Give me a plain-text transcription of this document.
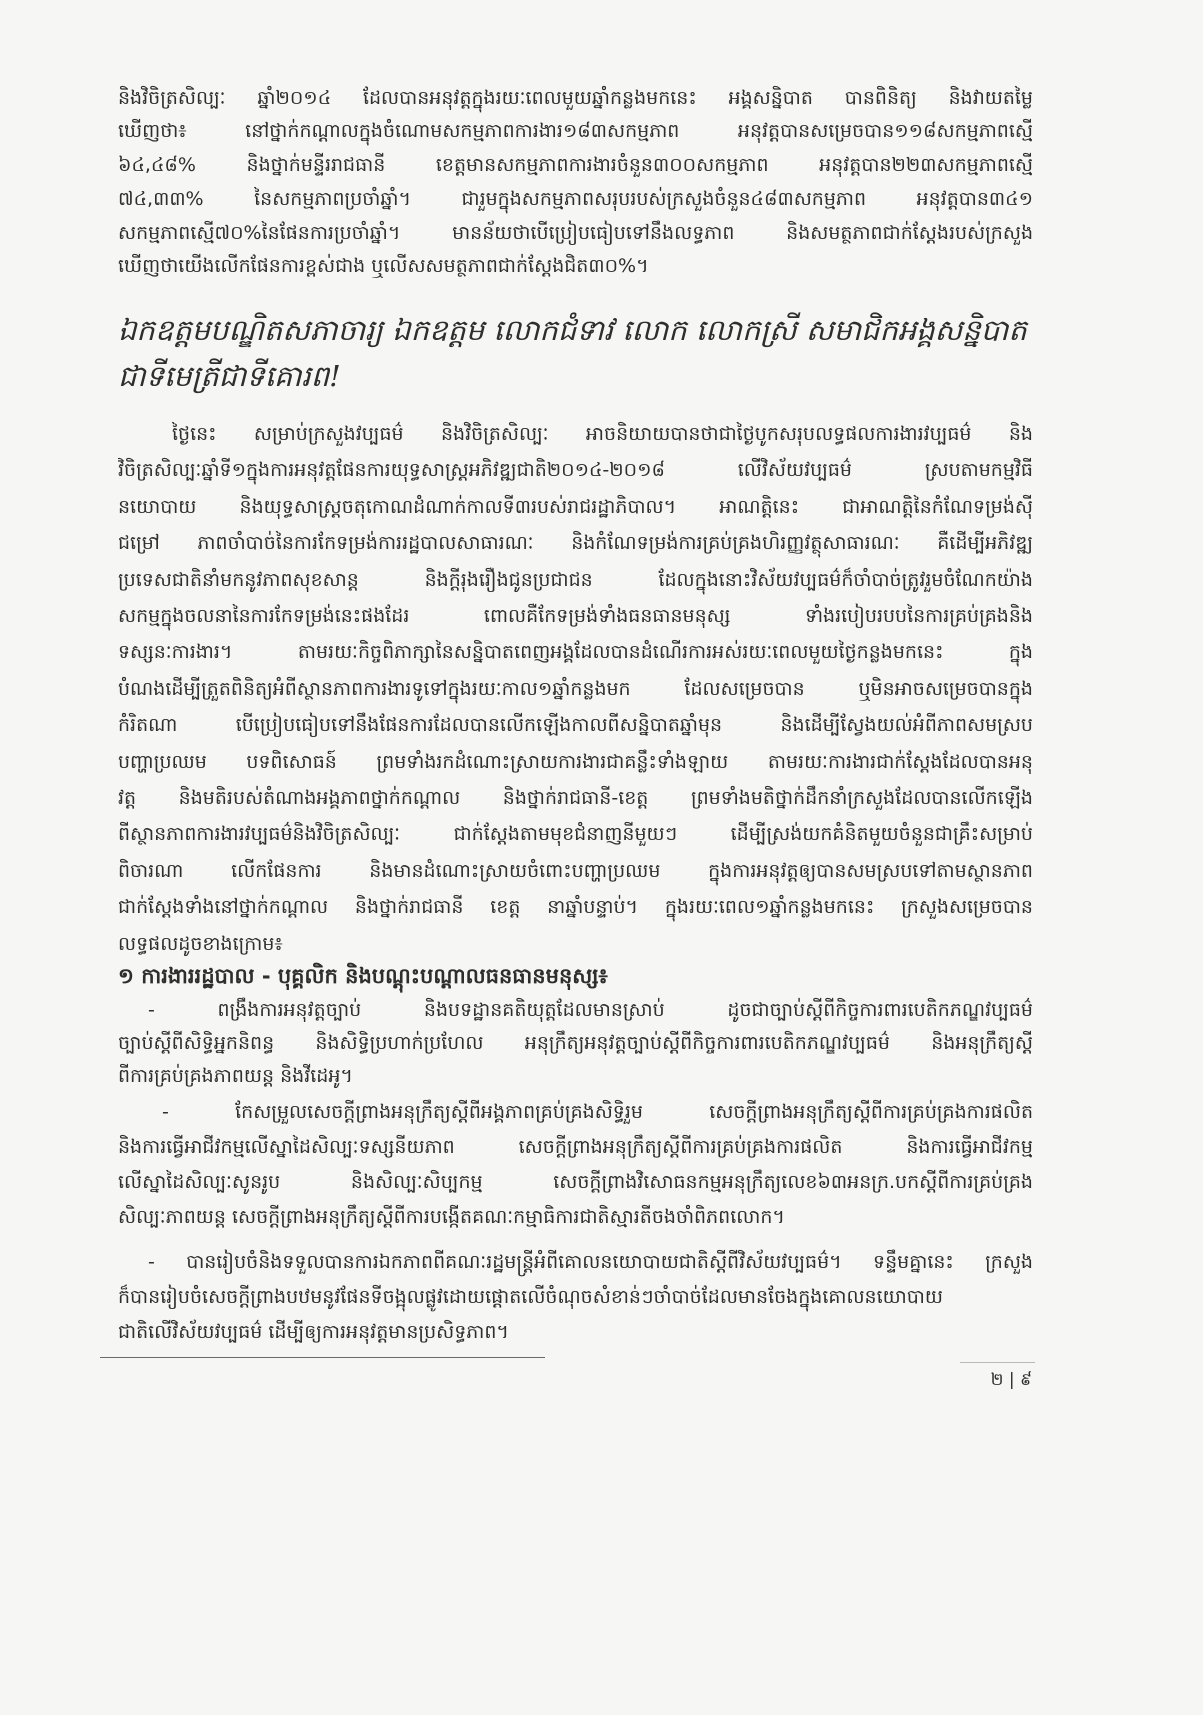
និងវិចិត្រសិល្បៈ ឆ្នាំ២០១៤ ដែលបានអនុវត្តក្នុងរយៈពេលមួយឆ្នាំកន្លងមកនេះ អង្គសន្និបាត បានពិនិត្យ និងវាយតម្លៃ
ឃើញថា៖ នៅថ្នាក់កណ្តាលក្នុងចំណោមសកម្មភាពការងារ១៨៣សកម្មភាព អនុវត្តបានសម្រេចបាន១១៨សកម្មភាពស្មើ
៦៤,៤៨% និងថ្នាក់មន្ទីររាជធានី ខេត្តមានសកម្មភាពការងារចំនួន៣០០សកម្មភាព អនុវត្តបាន២២៣សកម្មភាពស្មើ
៧៤,៣៣% នៃសកម្មភាពប្រចាំឆ្នាំ។ ជារួមក្នុងសកម្មភាពសរុបរបស់ក្រសួងចំនួន៤៨៣សកម្មភាព អនុវត្តបាន៣៤១
សកម្មភាពស្មើ៧០%នៃផែនការប្រចាំឆ្នាំ។ មានន័យថាបើប្រៀបធៀបទៅនឹងលទ្ធភាព និងសមត្ថភាពជាក់ស្តែងរបស់ក្រសួង
ឃើញថាយើងលើកផែនការខ្ពស់ជាង ឬលើសសមត្ថភាពជាក់ស្តែងជិត៣០%។
ឯកឧត្តមបណ្ឌិតសភាចារ្យ ឯកឧត្តម លោកជំទាវ លោក លោកស្រី សមាជិកអង្គសន្និបាត
ជាទីមេត្រីជាទីគោរព!
ថ្ងៃនេះ សម្រាប់ក្រសួងវប្បធម៌ និងវិចិត្រសិល្បៈ អាចនិយាយបានថាជាថ្ងៃបូកសរុបលទ្ធផលការងារវប្បធម៌ និង
វិចិត្រសិល្បៈឆ្នាំទី១ក្នុងការអនុវត្តផែនការយុទ្ធសាស្ត្រអភិវឌ្ឍជាតិ២០១៤-២០១៨ លើវិស័យវប្បធម៌ ស្របតាមកម្មវិធី
នយោបាយ និងយុទ្ធសាស្ត្រចតុកោណដំណាក់កាលទី៣របស់រាជរដ្ឋាភិបាល។ អាណត្តិនេះ ជាអាណត្តិនៃកំណែទម្រង់ស៊ី
ជម្រៅ ភាពចាំបាច់នៃការកែទម្រង់ការរដ្ឋបាលសាធារណៈ និងកំណែទម្រង់ការគ្រប់គ្រងហិរញ្ញវត្ថុសាធារណៈ គឺដើម្បីអភិវឌ្ឍ
ប្រទេសជាតិនាំមកនូវភាពសុខសាន្ត និងក្តីរុងរឿងជូនប្រជាជន ដែលក្នុងនោះវិស័យវប្បធម៌ក៏ចាំបាច់ត្រូវរួមចំណែកយ៉ាង
សកម្មក្នុងចលនានៃការកែទម្រង់នេះផងដែរ ពោលគឺកែទម្រង់ទាំងធនធានមនុស្ស ទាំងរបៀបរបបនៃការគ្រប់គ្រងនិង
ទស្សនៈការងារ។ តាមរយៈកិច្ចពិភាក្សានៃសន្និបាតពេញអង្គដែលបានដំណើរការអស់រយៈពេលមួយថ្ងៃកន្លងមកនេះ ក្នុង
បំណងដើម្បីត្រួតពិនិត្យអំពីស្ថានភាពការងារទូទៅក្នុងរយៈកាល១ឆ្នាំកន្លងមក ដែលសម្រេចបាន ឬមិនអាចសម្រេចបានក្នុង
កំរិតណា បើប្រៀបធៀបទៅនឹងផែនការដែលបានលើកឡើងកាលពីសន្និបាតឆ្នាំមុន និងដើម្បីស្វែងយល់អំពីភាពសមស្រប
បញ្ហាប្រឈម បទពិសោធន៍ ព្រមទាំងរកដំណោះស្រាយការងារជាគន្លឹះទាំងឡាយ តាមរយៈការងារជាក់ស្តែងដែលបានអនុ
វត្ត និងមតិរបស់តំណាងអង្គភាពថ្នាក់កណ្តាល និងថ្នាក់រាជធានី-ខេត្ត ព្រមទាំងមតិថ្នាក់ដឹកនាំក្រសួងដែលបានលើកឡើង
ពីស្ថានភាពការងារវប្បធម៌និងវិចិត្រសិល្បៈ ជាក់ស្តែងតាមមុខជំនាញនីមួយៗ ដើម្បីស្រង់យកគំនិតមួយចំនួនជាគ្រឹះសម្រាប់
ពិចារណា លើកផែនការ និងមានដំណោះស្រាយចំពោះបញ្ហាប្រឈម ក្នុងការអនុវត្តឲ្យបានសមស្របទៅតាមស្ថានភាព
ជាក់ស្តែងទាំងនៅថ្នាក់កណ្តាល និងថ្នាក់រាជធានី ខេត្ត នាឆ្នាំបន្ទាប់។ ក្នុងរយៈពេល១ឆ្នាំកន្លងមកនេះ ក្រសួងសម្រេចបាន
លទ្ធផលដូចខាងក្រោម៖
១ ការងាររដ្ឋបាល - បុគ្គលិក និងបណ្តុះបណ្តាលធនធានមនុស្ស៖
- ពង្រឹងការអនុវត្តច្បាប់ និងបទដ្ឋានគតិយុត្តដែលមានស្រាប់ ដូចជាច្បាប់ស្តីពីកិច្ចការពារបេតិកភណ្ឌវប្បធម៌
ច្បាប់ស្តីពីសិទ្ធិអ្នកនិពន្ធ និងសិទ្ធិប្រហាក់ប្រហែល អនុក្រឹត្យអនុវត្តច្បាប់ស្តីពីកិច្ចការពារបេតិកភណ្ឌវប្បធម៌ និងអនុក្រឹត្យស្តី
ពីការគ្រប់គ្រងភាពយន្ត និងវីដេអូ។
- កែសម្រួលសេចក្តីព្រាងអនុក្រឹត្យស្តីពីអង្គភាពគ្រប់គ្រងសិទ្ធិរួម សេចក្តីព្រាងអនុក្រឹត្យស្តីពីការគ្រប់គ្រងការផលិត
និងការធ្វើអាជីវកម្មលើស្នាដៃសិល្បៈទស្សនីយភាព សេចក្តីព្រាងអនុក្រឹត្យស្តីពីការគ្រប់គ្រងការផលិត និងការធ្វើអាជីវកម្ម
លើស្នាដៃសិល្បៈសូនរូប និងសិល្បៈសិប្បកម្ម សេចក្តីព្រាងវិសោធនកម្មអនុក្រឹត្យលេខ៦៣អនក្រ.បកស្តីពីការគ្រប់គ្រង
សិល្បៈភាពយន្ត សេចក្តីព្រាងអនុក្រឹត្យស្តីពីការបង្កើតគណៈកម្មាធិការជាតិស្មារតីចងចាំពិភពលោក។
- បានរៀបចំនិងទទួលបានការឯកភាពពីគណៈរដ្ឋមន្ត្រីអំពីគោលនយោបាយជាតិស្តីពីវិស័យវប្បធម៌។ ទន្ទឹមគ្នានេះ ក្រសួង
ក៏បានរៀបចំសេចក្តីព្រាងបឋមនូវផែនទីចង្អុលផ្លូវដោយផ្តោតលើចំណុចសំខាន់ៗចាំបាច់ដែលមានចែងក្នុងគោលនយោបាយ
ជាតិលើវិស័យវប្បធម៌ ដើម្បីឲ្យការអនុវត្តមានប្រសិទ្ធភាព។
២ | ៩
